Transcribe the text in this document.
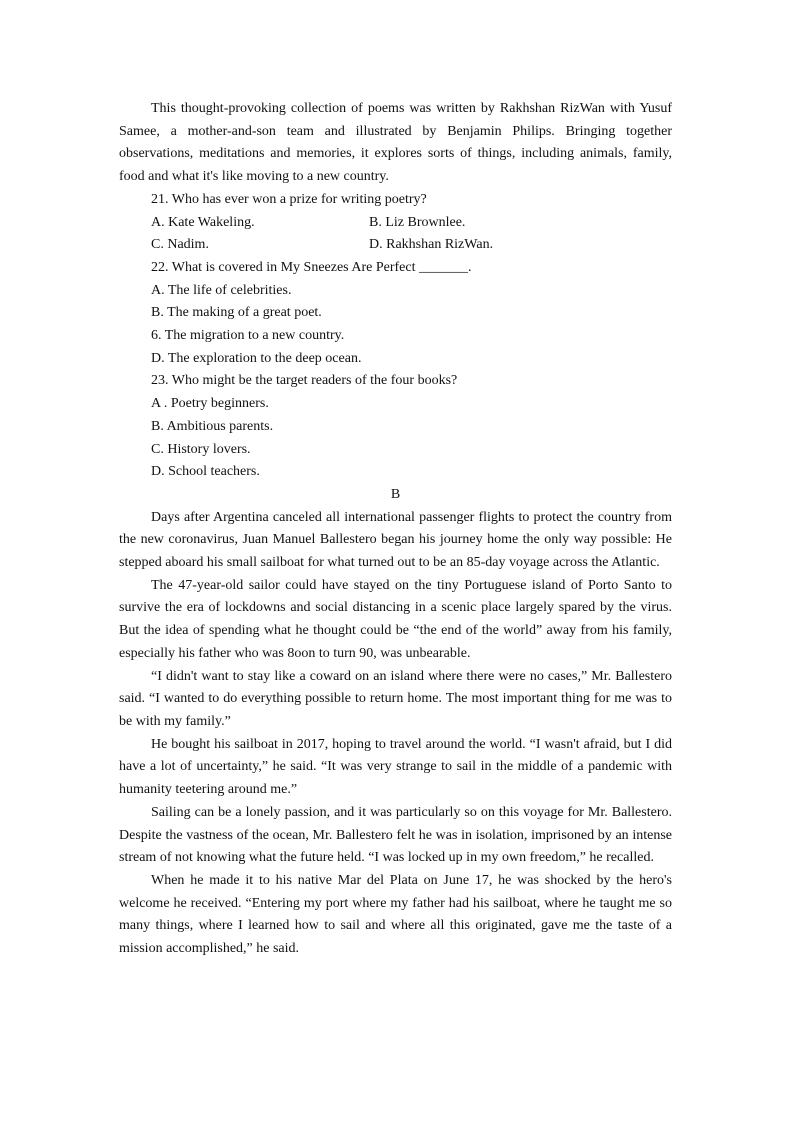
This thought-provoking collection of poems was written by Rakhshan RizWan with Yusuf Samee, a mother-and-son team and illustrated by Benjamin Philips. Bringing together observations, meditations and memories, it explores sorts of things, including animals, family, food and what it's like moving to a new country.

21. Who has ever won a prize for writing poetry?

A. Kate Wakeling.	B. Liz Brownlee.
C. Nadim.	D. Rakhshan RizWan.

22. What is covered in My Sneezes Are Perfect _______.

A. The life of celebrities.

B. The making of a great poet.

6. The migration to a new country.

D. The exploration to the deep ocean.

23. Who might be the target readers of the four books?

A . Poetry beginners.

B. Ambitious parents.

C. History lovers.

D. School teachers.

B

Days after Argentina canceled all international passenger flights to protect the country from the new coronavirus, Juan Manuel Ballestero began his journey home the only way possible: He stepped aboard his small sailboat for what turned out to be an 85-day voyage across the Atlantic.

The 47-year-old sailor could have stayed on the tiny Portuguese island of Porto Santo to survive the era of lockdowns and social distancing in a scenic place largely spared by the virus. But the idea of spending what he thought could be “the end of the world” away from his family, especially his father who was 8oon to turn 90, was unbearable.

“I didn't want to stay like a coward on an island where there were no cases,” Mr. Ballestero said. “I wanted to do everything possible to return home. The most important thing for me was to be with my family.”

He bought his sailboat in 2017, hoping to travel around the world. “I wasn't afraid, but I did have a lot of uncertainty,” he said. “It was very strange to sail in the middle of a pandemic with humanity teetering around me.”

Sailing can be a lonely passion, and it was particularly so on this voyage for Mr. Ballestero. Despite the vastness of the ocean, Mr. Ballestero felt he was in isolation, imprisoned by an intense stream of not knowing what the future held. “I was locked up in my own freedom,” he recalled.

When he made it to his native Mar del Plata on June 17, he was shocked by the hero's welcome he received. “Entering my port where my father had his sailboat, where he taught me so many things, where I learned how to sail and where all this originated, gave me the taste of a mission accomplished,” he said.
